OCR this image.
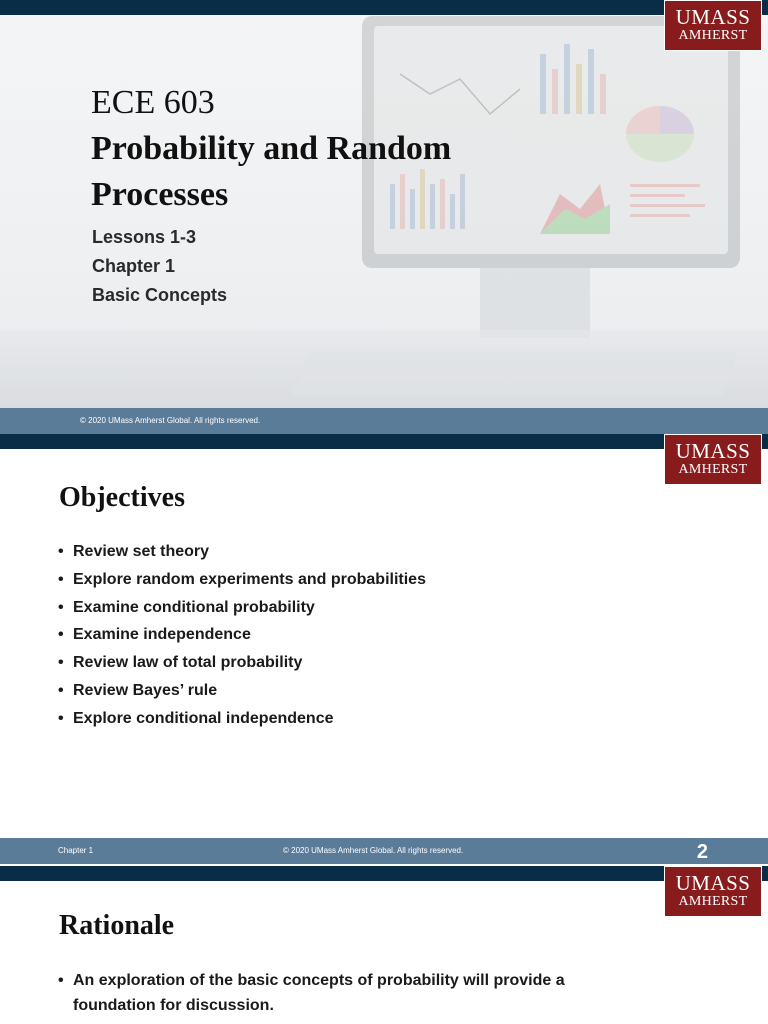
UMASS
AMHERST
ECE 603
Probability and Random
Processes
Lessons 1-3
Chapter 1
Basic Concepts
© 2020 UMass Amherst Global. All rights reserved.
UMASS
AMHERST
Objectives
• Review set theory
• Explore random experiments and probabilities
• Examine conditional probability
• Examine independence
• Review law of total probability
• Review Bayes’ rule
• Explore conditional independence
Chapter 1	© 2020 UMass Amherst Global. All rights reserved.	2
UMASS
AMHERST
Rationale
• An exploration of the basic concepts of probability will provide a
foundation for discussion.
